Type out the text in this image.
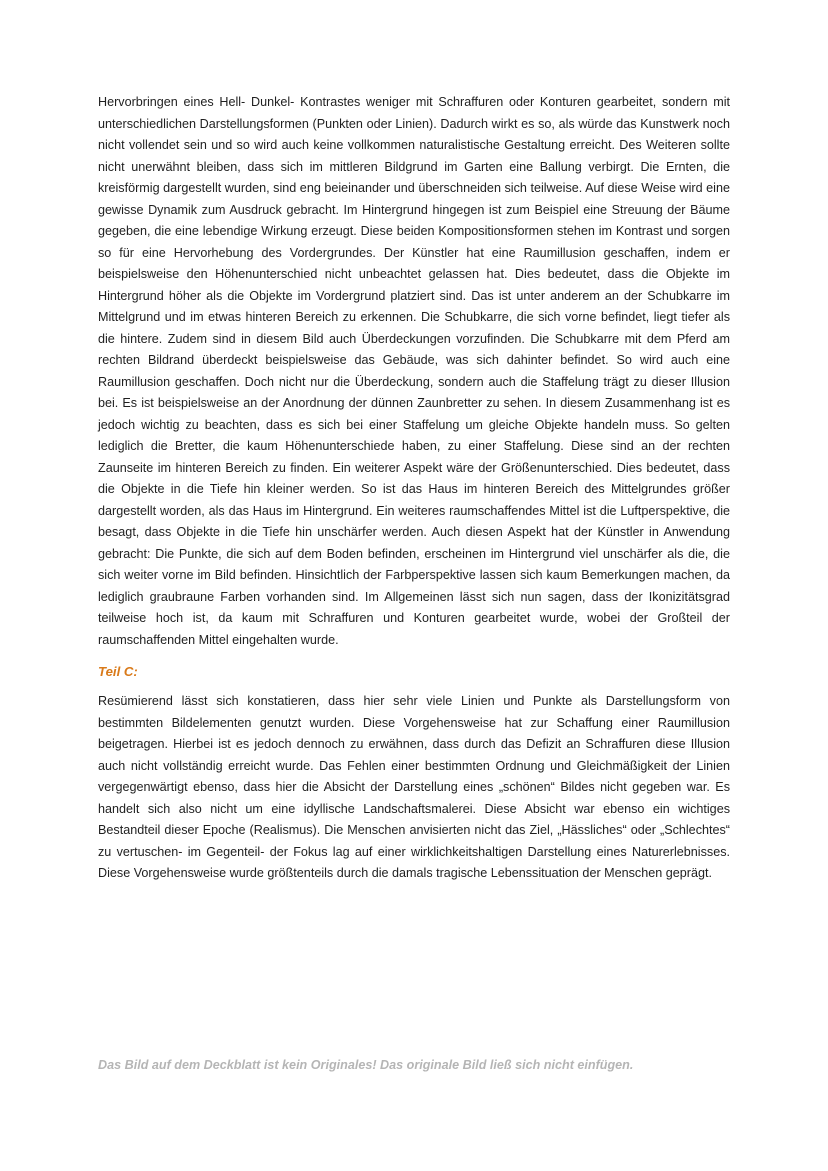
Hervorbringen eines Hell- Dunkel- Kontrastes weniger mit Schraffuren oder Konturen gearbeitet, sondern mit unterschiedlichen Darstellungsformen (Punkten oder Linien). Dadurch wirkt es so, als würde das Kunstwerk noch nicht vollendet sein und so wird auch keine vollkommen naturalistische Gestaltung erreicht. Des Weiteren sollte nicht unerwähnt bleiben, dass sich im mittleren Bildgrund im Garten eine Ballung verbirgt. Die Ernten, die kreisförmig dargestellt wurden, sind eng beieinander und überschneiden sich teilweise. Auf diese Weise wird eine gewisse Dynamik zum Ausdruck gebracht. Im Hintergrund hingegen ist zum Beispiel eine Streuung der Bäume gegeben, die eine lebendige Wirkung erzeugt. Diese beiden Kompositionsformen stehen im Kontrast und sorgen so für eine Hervorhebung des Vordergrundes. Der Künstler hat eine Raumillusion geschaffen, indem er beispielsweise den Höhenunterschied nicht unbeachtet gelassen hat. Dies bedeutet, dass die Objekte im Hintergrund höher als die Objekte im Vordergrund platziert sind. Das ist unter anderem an der Schubkarre im Mittelgrund und im etwas hinteren Bereich zu erkennen. Die Schubkarre, die sich vorne befindet, liegt tiefer als die hintere. Zudem sind in diesem Bild auch Überdeckungen vorzufinden. Die Schubkarre mit dem Pferd am rechten Bildrand überdeckt beispielsweise das Gebäude, was sich dahinter befindet. So wird auch eine Raumillusion geschaffen. Doch nicht nur die Überdeckung, sondern auch die Staffelung trägt zu dieser Illusion bei. Es ist beispielsweise an der Anordnung der dünnen Zaunbretter zu sehen. In diesem Zusammenhang ist es jedoch wichtig zu beachten, dass es sich bei einer Staffelung um gleiche Objekte handeln muss. So gelten lediglich die Bretter, die kaum Höhenunterschiede haben, zu einer Staffelung. Diese sind an der rechten Zaunseite im hinteren Bereich zu finden. Ein weiterer Aspekt wäre der Größenunterschied. Dies bedeutet, dass die Objekte in die Tiefe hin kleiner werden. So ist das Haus im hinteren Bereich des Mittelgrundes größer dargestellt worden, als das Haus im Hintergrund. Ein weiteres raumschaffendes Mittel ist die Luftperspektive, die besagt, dass Objekte in die Tiefe hin unschärfer werden. Auch diesen Aspekt hat der Künstler in Anwendung gebracht: Die Punkte, die sich auf dem Boden befinden, erscheinen im Hintergrund viel unschärfer als die, die sich weiter vorne im Bild befinden. Hinsichtlich der Farbperspektive lassen sich kaum Bemerkungen machen, da lediglich graubraune Farben vorhanden sind. Im Allgemeinen lässt sich nun sagen, dass der Ikonizitätsgrad teilweise hoch ist, da kaum mit Schraffuren und Konturen gearbeitet wurde, wobei der Großteil der raumschaffenden Mittel eingehalten wurde.

Teil C:

Resümierend lässt sich konstatieren, dass hier sehr viele Linien und Punkte als Darstellungsform von bestimmten Bildelementen genutzt wurden. Diese Vorgehensweise hat zur Schaffung einer Raumillusion beigetragen. Hierbei ist es jedoch dennoch zu erwähnen, dass durch das Defizit an Schraffuren diese Illusion auch nicht vollständig erreicht wurde. Das Fehlen einer bestimmten Ordnung und Gleichmäßigkeit der Linien vergegenwärtigt ebenso, dass hier die Absicht der Darstellung eines „schönen“ Bildes nicht gegeben war. Es handelt sich also nicht um eine idyllische Landschaftsmalerei. Diese Absicht war ebenso ein wichtiges Bestandteil dieser Epoche (Realismus). Die Menschen anvisierten nicht das Ziel, „Hässliches“ oder „Schlechtes“ zu vertuschen- im Gegenteil- der Fokus lag auf einer wirklichkeitshaltigen Darstellung eines Naturerlebnisses. Diese Vorgehensweise wurde größtenteils durch die damals tragische Lebenssituation der Menschen geprägt.

Das Bild auf dem Deckblatt ist kein Originales! Das originale Bild ließ sich nicht einfügen.
